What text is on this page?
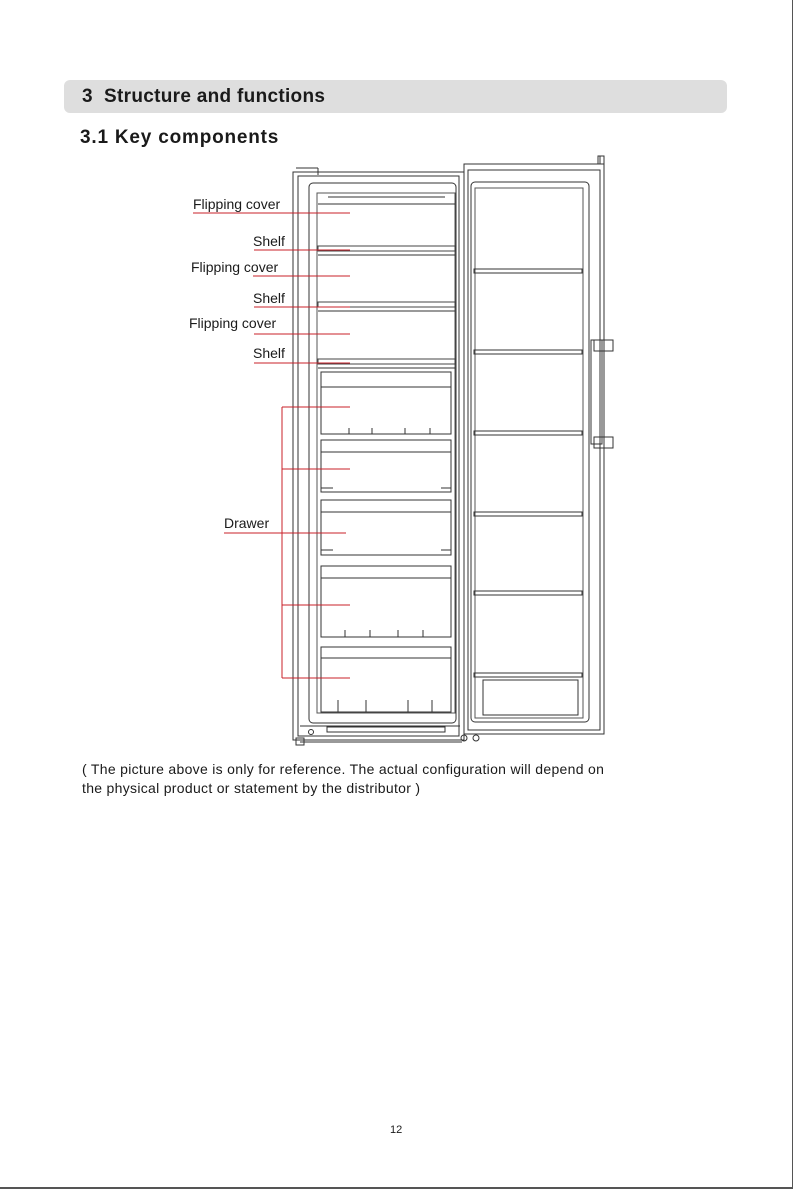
3 Structure and functions
3.1 Key components
Flipping cover
Shelf
Flipping cover
Shelf
Flipping cover
Shelf
Drawer
( The picture above is only for reference. The actual configuration will depend on
the physical product or statement by the distributor )
12
